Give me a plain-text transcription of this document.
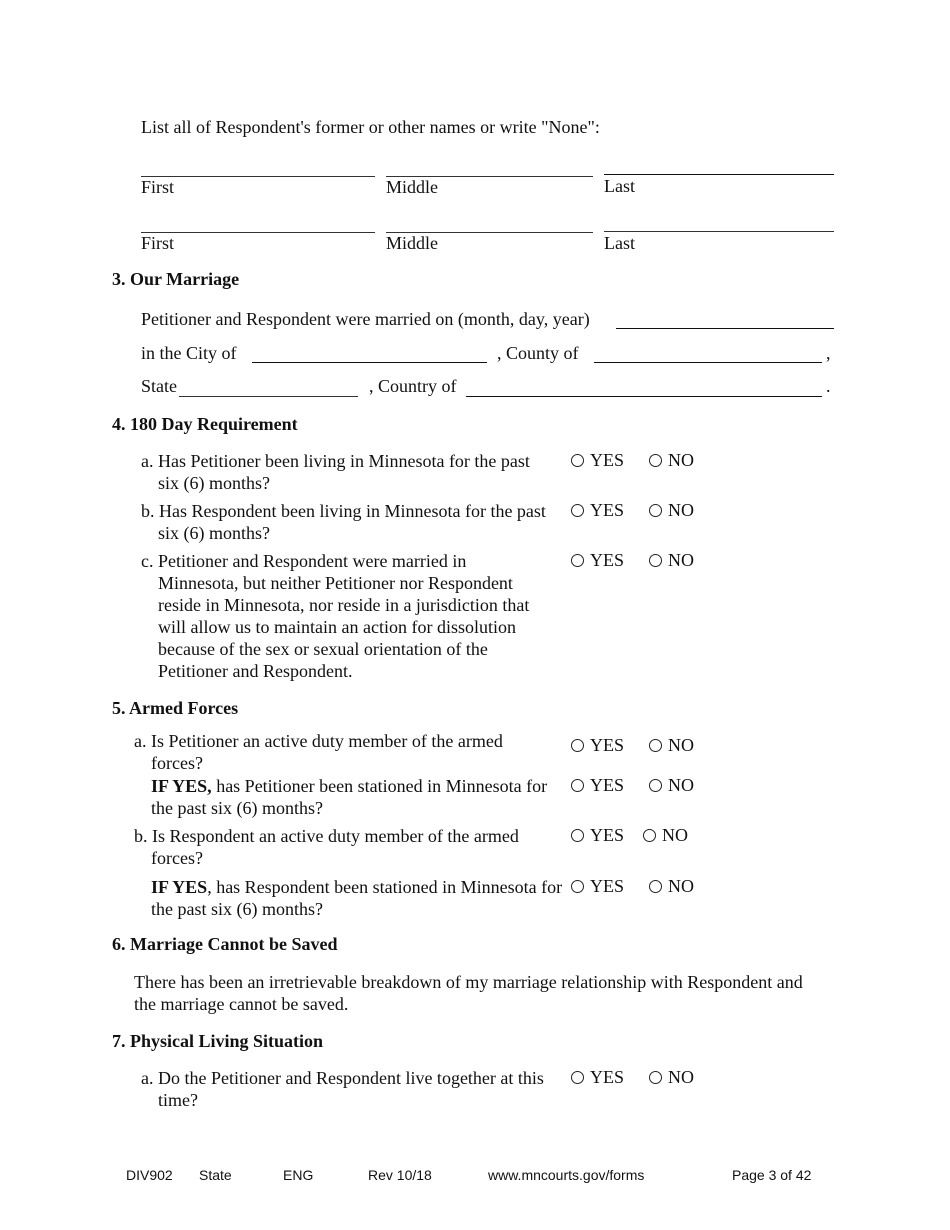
List all of Respondent's former or other names or write "None":
First	Middle	Last
First	Middle	Last
3. Our Marriage
Petitioner and Respondent were married on (month, day, year)
in the City of	, County of	,
State	, Country of	.
4. 180 Day Requirement
a. Has Petitioner been living in Minnesota for the past
six (6) months?
YES NO
b. Has Respondent been living in Minnesota for the past
six (6) months?
YES NO
c. Petitioner and Respondent were married in
Minnesota, but neither Petitioner nor Respondent
reside in Minnesota, nor reside in a jurisdiction that
will allow us to maintain an action for dissolution
because of the sex or sexual orientation of the
Petitioner and Respondent.
YES NO
5. Armed Forces
a. Is Petitioner an active duty member of the armed
forces?
YES NO
IF YES, has Petitioner been stationed in Minnesota for
the past six (6) months?
YES NO
b. Is Respondent an active duty member of the armed
forces?
YES NO
IF YES, has Respondent been stationed in Minnesota for
the past six (6) months?
YES NO
6. Marriage Cannot be Saved
There has been an irretrievable breakdown of my marriage relationship with Respondent and
the marriage cannot be saved.
7. Physical Living Situation
a. Do the Petitioner and Respondent live together at this
time?
YES NO
DIV902 State	ENG	Rev 10/18	www.mncourts.gov/forms	Page 3 of 42
